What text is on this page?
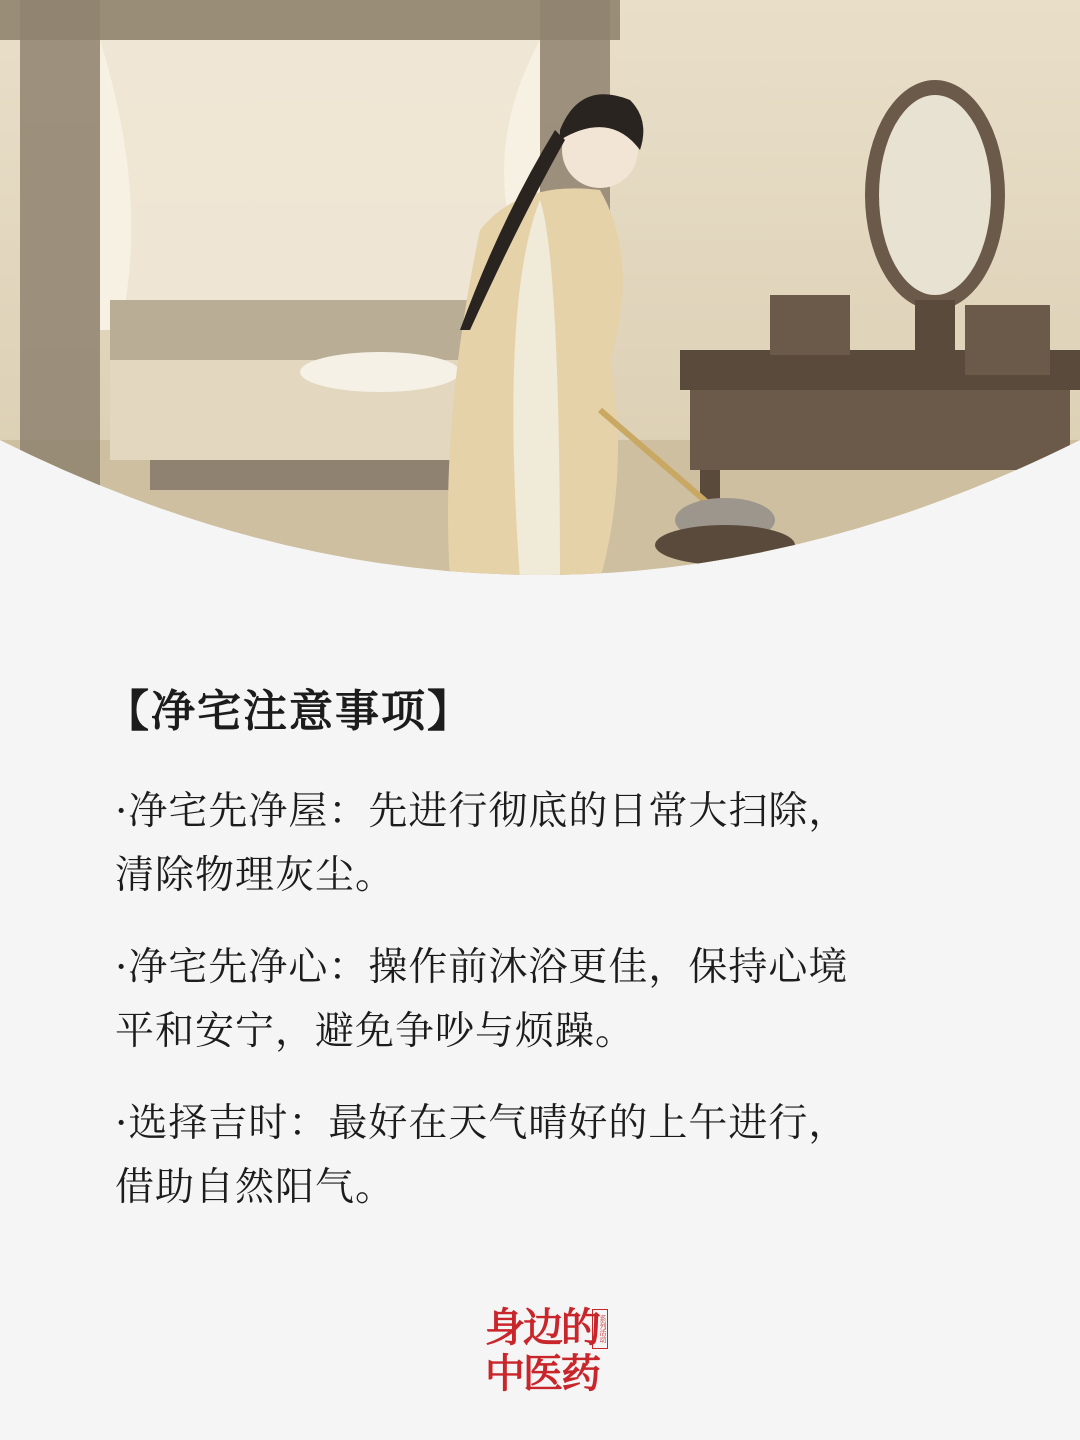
【净宅注意事项】

·净宅先净屋：先进行彻底的日常大扫除，

清除物理灰尘。

·净宅先净心：操作前沐浴更佳，保持心境

平和安宁，避免争吵与烦躁。

·选择吉时：最好在天气晴好的上午进行，

借助自然阳气。

身边的
中医药
系列活动
